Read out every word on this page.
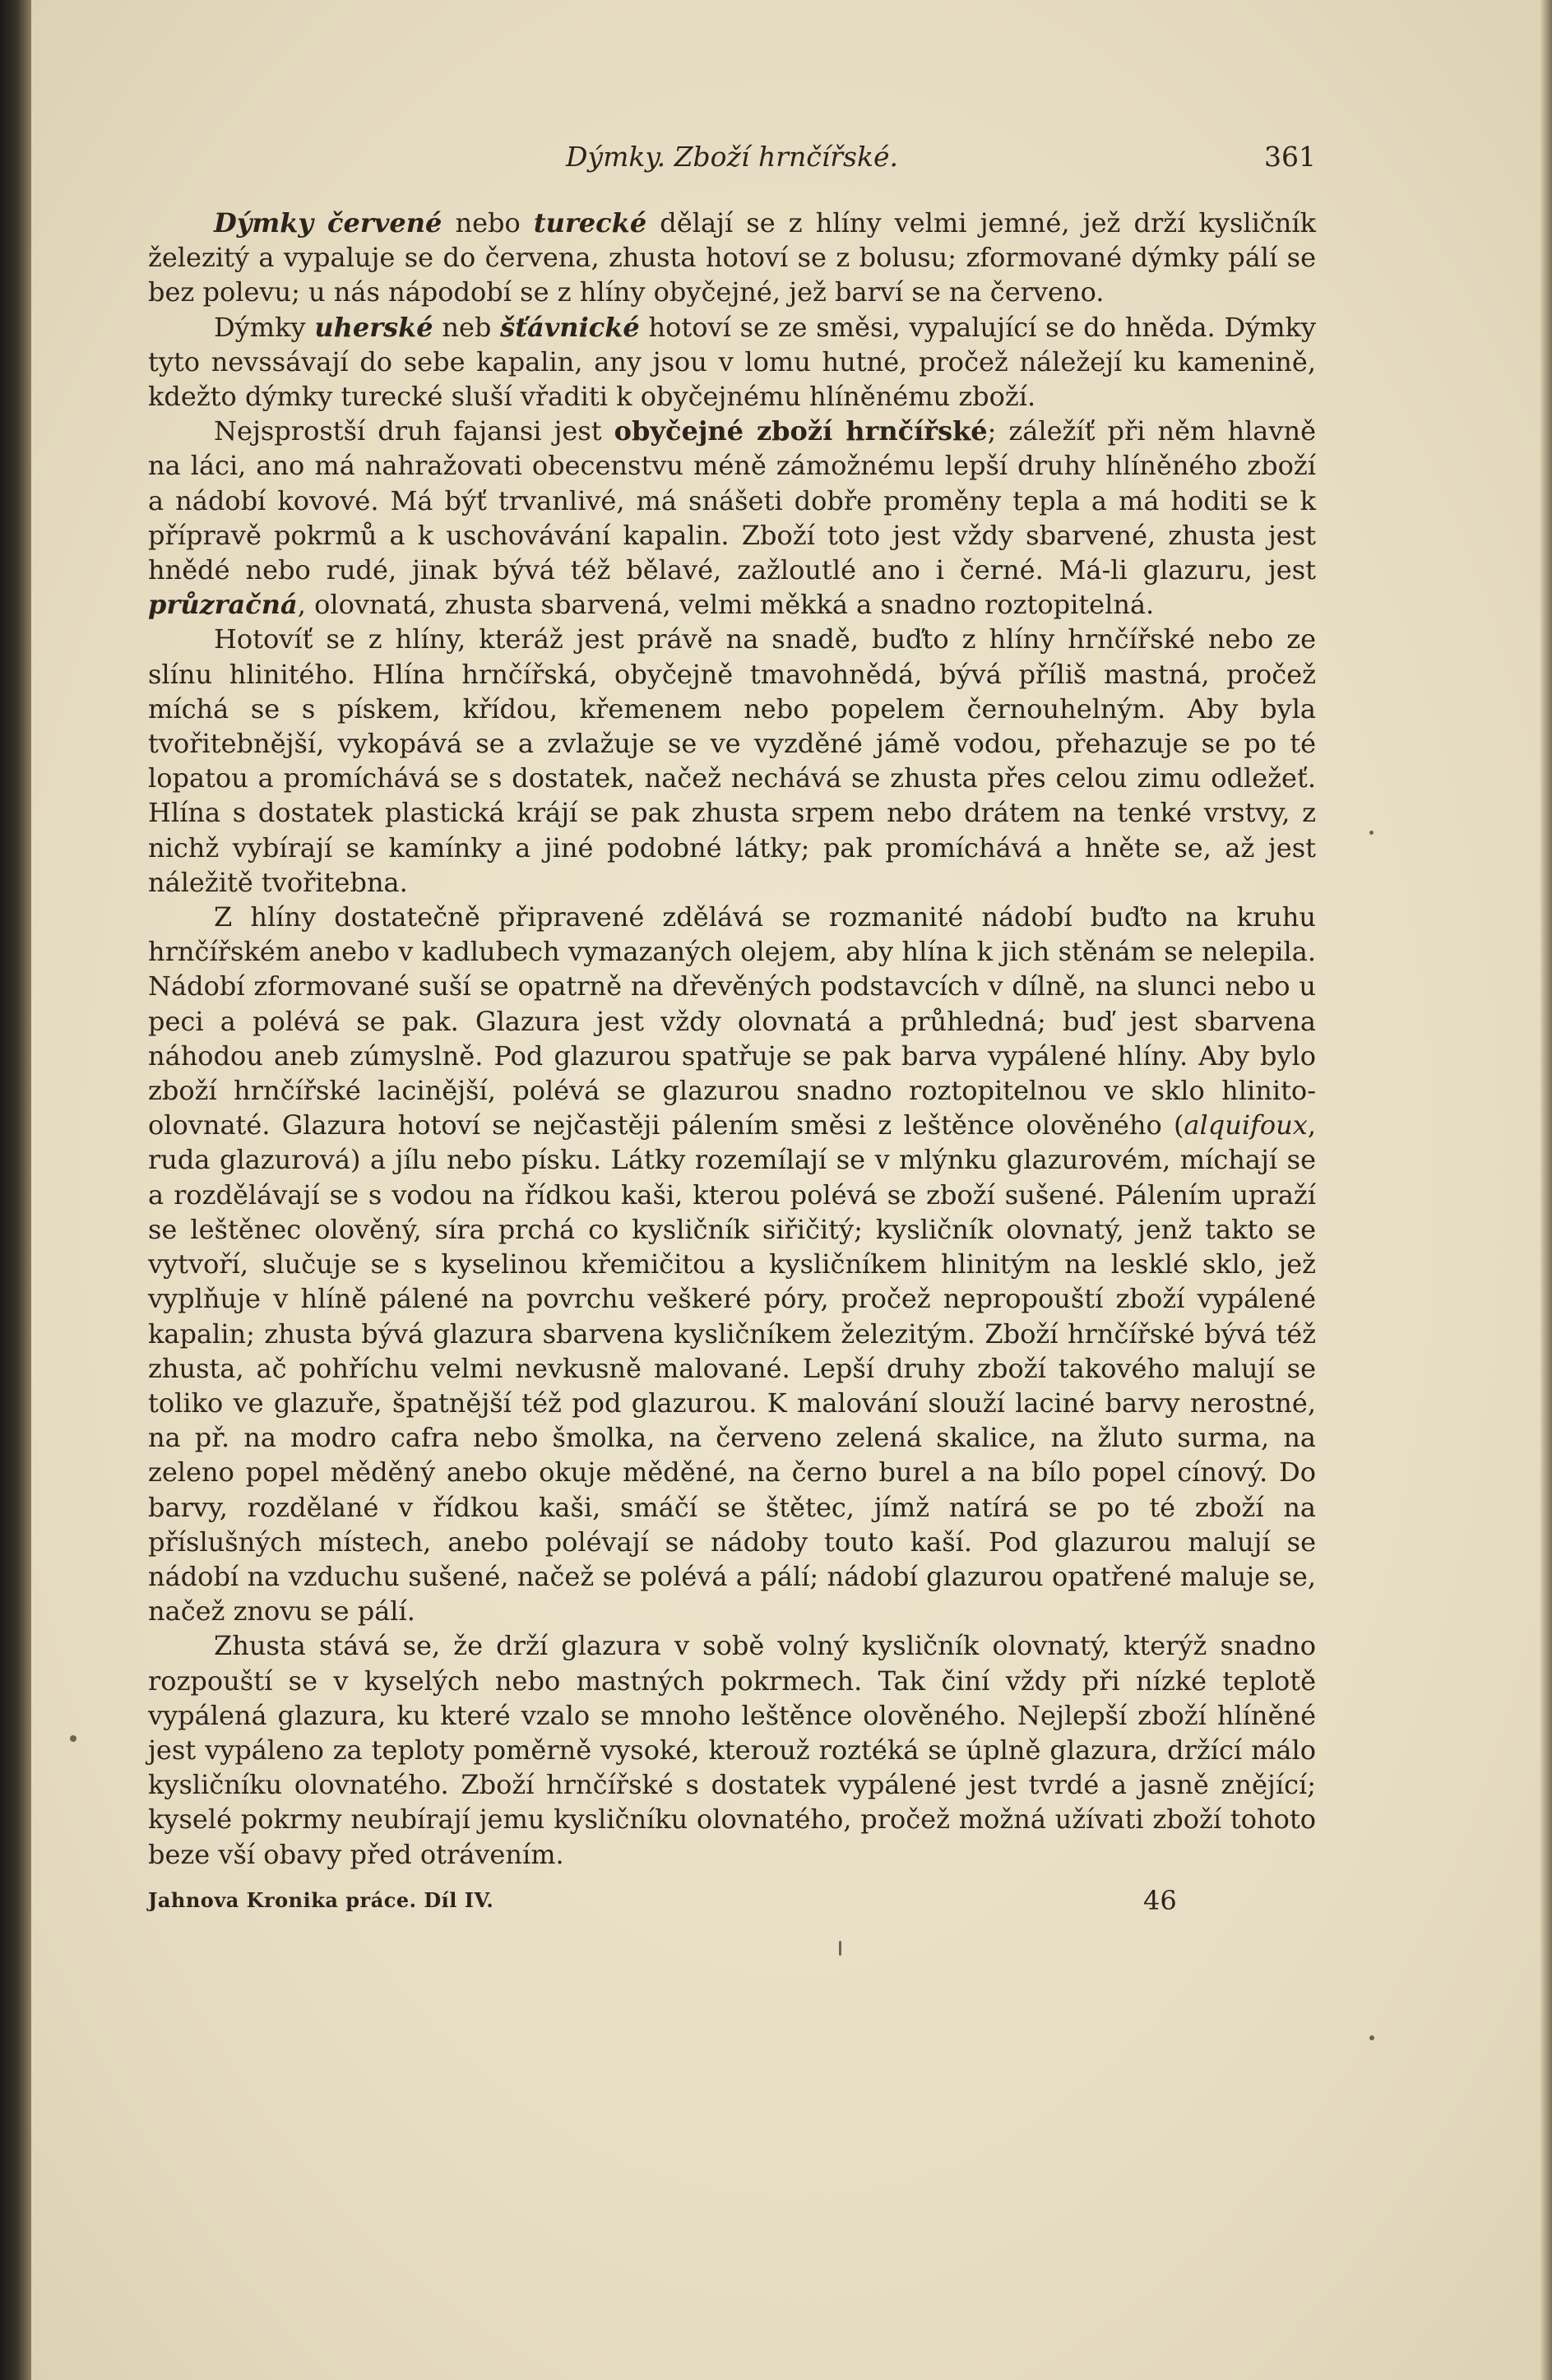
Dýmky. Zboží hrnčířské.	361

Dýmky červené nebo turecké dělají se z hlíny velmi jemné, jež drží kysličník železitý a vypaluje se do červena, zhusta hotoví se z bolusu; zformované dýmky pálí se bez polevu; u nás nápodobí se z hlíny obyčejné, jež barví se na červeno.

Dýmky uherské neb šťávnické hotoví se ze směsi, vypalující se do hněda. Dýmky tyto nevssávají do sebe kapalin, any jsou v lomu hutné, pročež náležejí ku kamenině, kdežto dýmky turecké sluší vřaditi k obyčejnému hlíněnému zboží.

Nejsprostší druh fajansi jest obyčejné zboží hrnčířské; záležíť při něm hlavně na láci, ano má nahražovati obecenstvu méně zámožnému lepší druhy hlíněného zboží a nádobí kovové. Má býť trvanlivé, má snášeti dobře proměny tepla a má hoditi se k přípravě pokrmů a k uschovávání kapalin. Zboží toto jest vždy sbarvené, zhusta jest hnědé nebo rudé, jinak bývá též bělavé, zažloutlé ano i černé. Má-li glazuru, jest průzračná, olovnatá, zhusta sbarvená, velmi měkká a snadno roztopitelná.

Hotovíť se z hlíny, kteráž jest právě na snadě, buďto z hlíny hrnčířské nebo ze slínu hlinitého. Hlína hrnčířská, obyčejně tmavohnědá, bývá příliš mastná, pročež míchá se s pískem, křídou, křemenem nebo popelem černouhelným. Aby byla tvořitebnější, vykopává se a zvlažuje se ve vyzděné jámě vodou, přehazuje se po té lopatou a promíchává se s dostatek, načež nechává se zhusta přes celou zimu odležeť. Hlína s dostatek plastická krájí se pak zhusta srpem nebo drátem na tenké vrstvy, z nichž vybírají se kamínky a jiné podobné látky; pak promíchává a hněte se, až jest náležitě tvořitebna.

Z hlíny dostatečně připravené zdělává se rozmanité nádobí buďto na kruhu hrnčířském anebo v kadlubech vymazaných olejem, aby hlína k jich stěnám se nelepila. Nádobí zformované suší se opatrně na dřevěných podstavcích v dílně, na slunci nebo u peci a polévá se pak. Glazura jest vždy olovnatá a průhledná; buď jest sbarvena náhodou aneb zúmyslně. Pod glazurou spatřuje se pak barva vypálené hlíny. Aby bylo zboží hrnčířské lacinější, polévá se glazurou snadno roztopitelnou ve sklo hlinito-olovnaté. Glazura hotoví se nejčastěji pálením směsi z leštěnce olověného (alquifoux, ruda glazurová) a jílu nebo písku. Látky rozemílají se v mlýnku glazurovém, míchají se a rozdělávají se s vodou na řídkou kaši, kterou polévá se zboží sušené. Pálením upraží se leštěnec olověný, síra prchá co kysličník siřičitý; kysličník olovnatý, jenž takto se vytvoří, slučuje se s kyselinou křemičitou a kysličníkem hlinitým na lesklé sklo, jež vyplňuje v hlíně pálené na povrchu veškeré póry, pročež nepropouští zboží vypálené kapalin; zhusta bývá glazura sbarvena kysličníkem železitým. Zboží hrnčířské bývá též zhusta, ač pohříchu velmi nevkusně malované. Lepší druhy zboží takového malují se toliko ve glazuře, špatnější též pod glazurou. K malování slouží laciné barvy nerostné, na př. na modro cafra nebo šmolka, na červeno zelená skalice, na žluto surma, na zeleno popel měděný anebo okuje měděné, na černo burel a na bílo popel cínový. Do barvy, rozdělané v řídkou kaši, smáčí se štětec, jímž natírá se po té zboží na příslušných místech, anebo polévají se nádoby touto kaší. Pod glazurou malují se nádobí na vzduchu sušené, načež se polévá a pálí; nádobí glazurou opatřené maluje se, načež znovu se pálí.

Zhusta stává se, že drží glazura v sobě volný kysličník olovnatý, kterýž snadno rozpouští se v kyselých nebo mastných pokrmech. Tak činí vždy při nízké teplotě vypálená glazura, ku které vzalo se mnoho leštěnce olověného. Nejlepší zboží hlíněné jest vypáleno za teploty poměrně vysoké, kterouž roztéká se úplně glazura, držící málo kysličníku olovnatého. Zboží hrnčířské s dostatek vypálené jest tvrdé a jasně znějící; kyselé pokrmy neubírají jemu kysličníku olovnatého, pročež možná užívati zboží tohoto beze vší obavy před otrávením.

Jahnova Kronika práce. Díl IV.	46
